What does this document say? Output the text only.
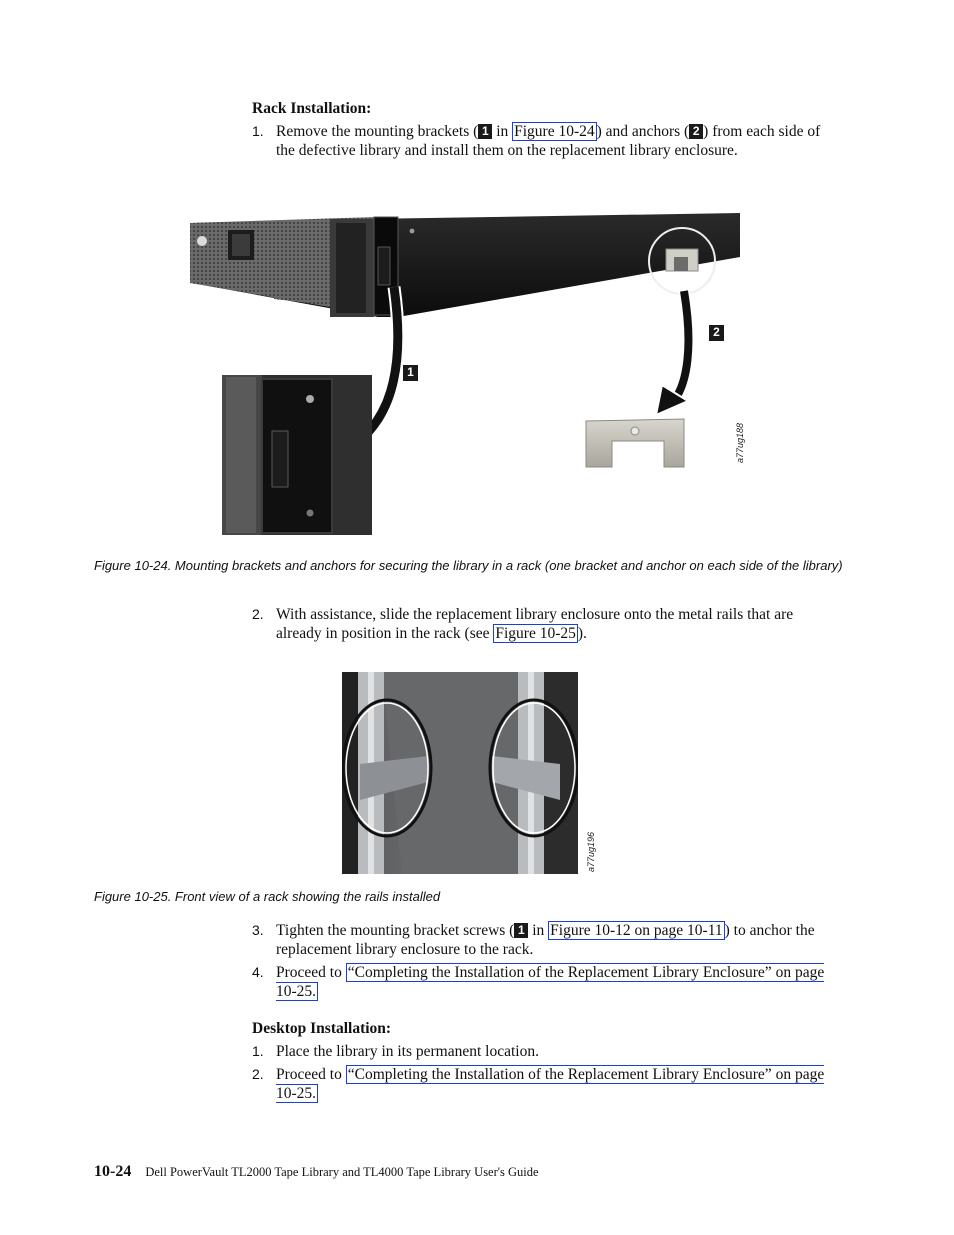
Rack Installation:
1. Remove the mounting brackets ( 1 in Figure 10-24 ) and anchors ( 2 ) from each side of the defective library and install them on the replacement library enclosure.
1
2
a77ug188
Figure 10-24. Mounting brackets and anchors for securing the library in a rack (one bracket and anchor on each side of the library)
2. With assistance, slide the replacement library enclosure onto the metal rails that are already in position in the rack (see Figure 10-25 ).
a77ug196
Figure 10-25. Front view of a rack showing the rails installed
3. Tighten the mounting bracket screws ( 1 in Figure 10-12 on page 10-11 ) to anchor the replacement library enclosure to the rack.
4. Proceed to “Completing the Installation of the Replacement Library Enclosure” on page 10-25.
Desktop Installation:
1. Place the library in its permanent location.
2. Proceed to “Completing the Installation of the Replacement Library Enclosure” on page 10-25.
10-24 Dell PowerVault TL2000 Tape Library and TL4000 Tape Library User's Guide
